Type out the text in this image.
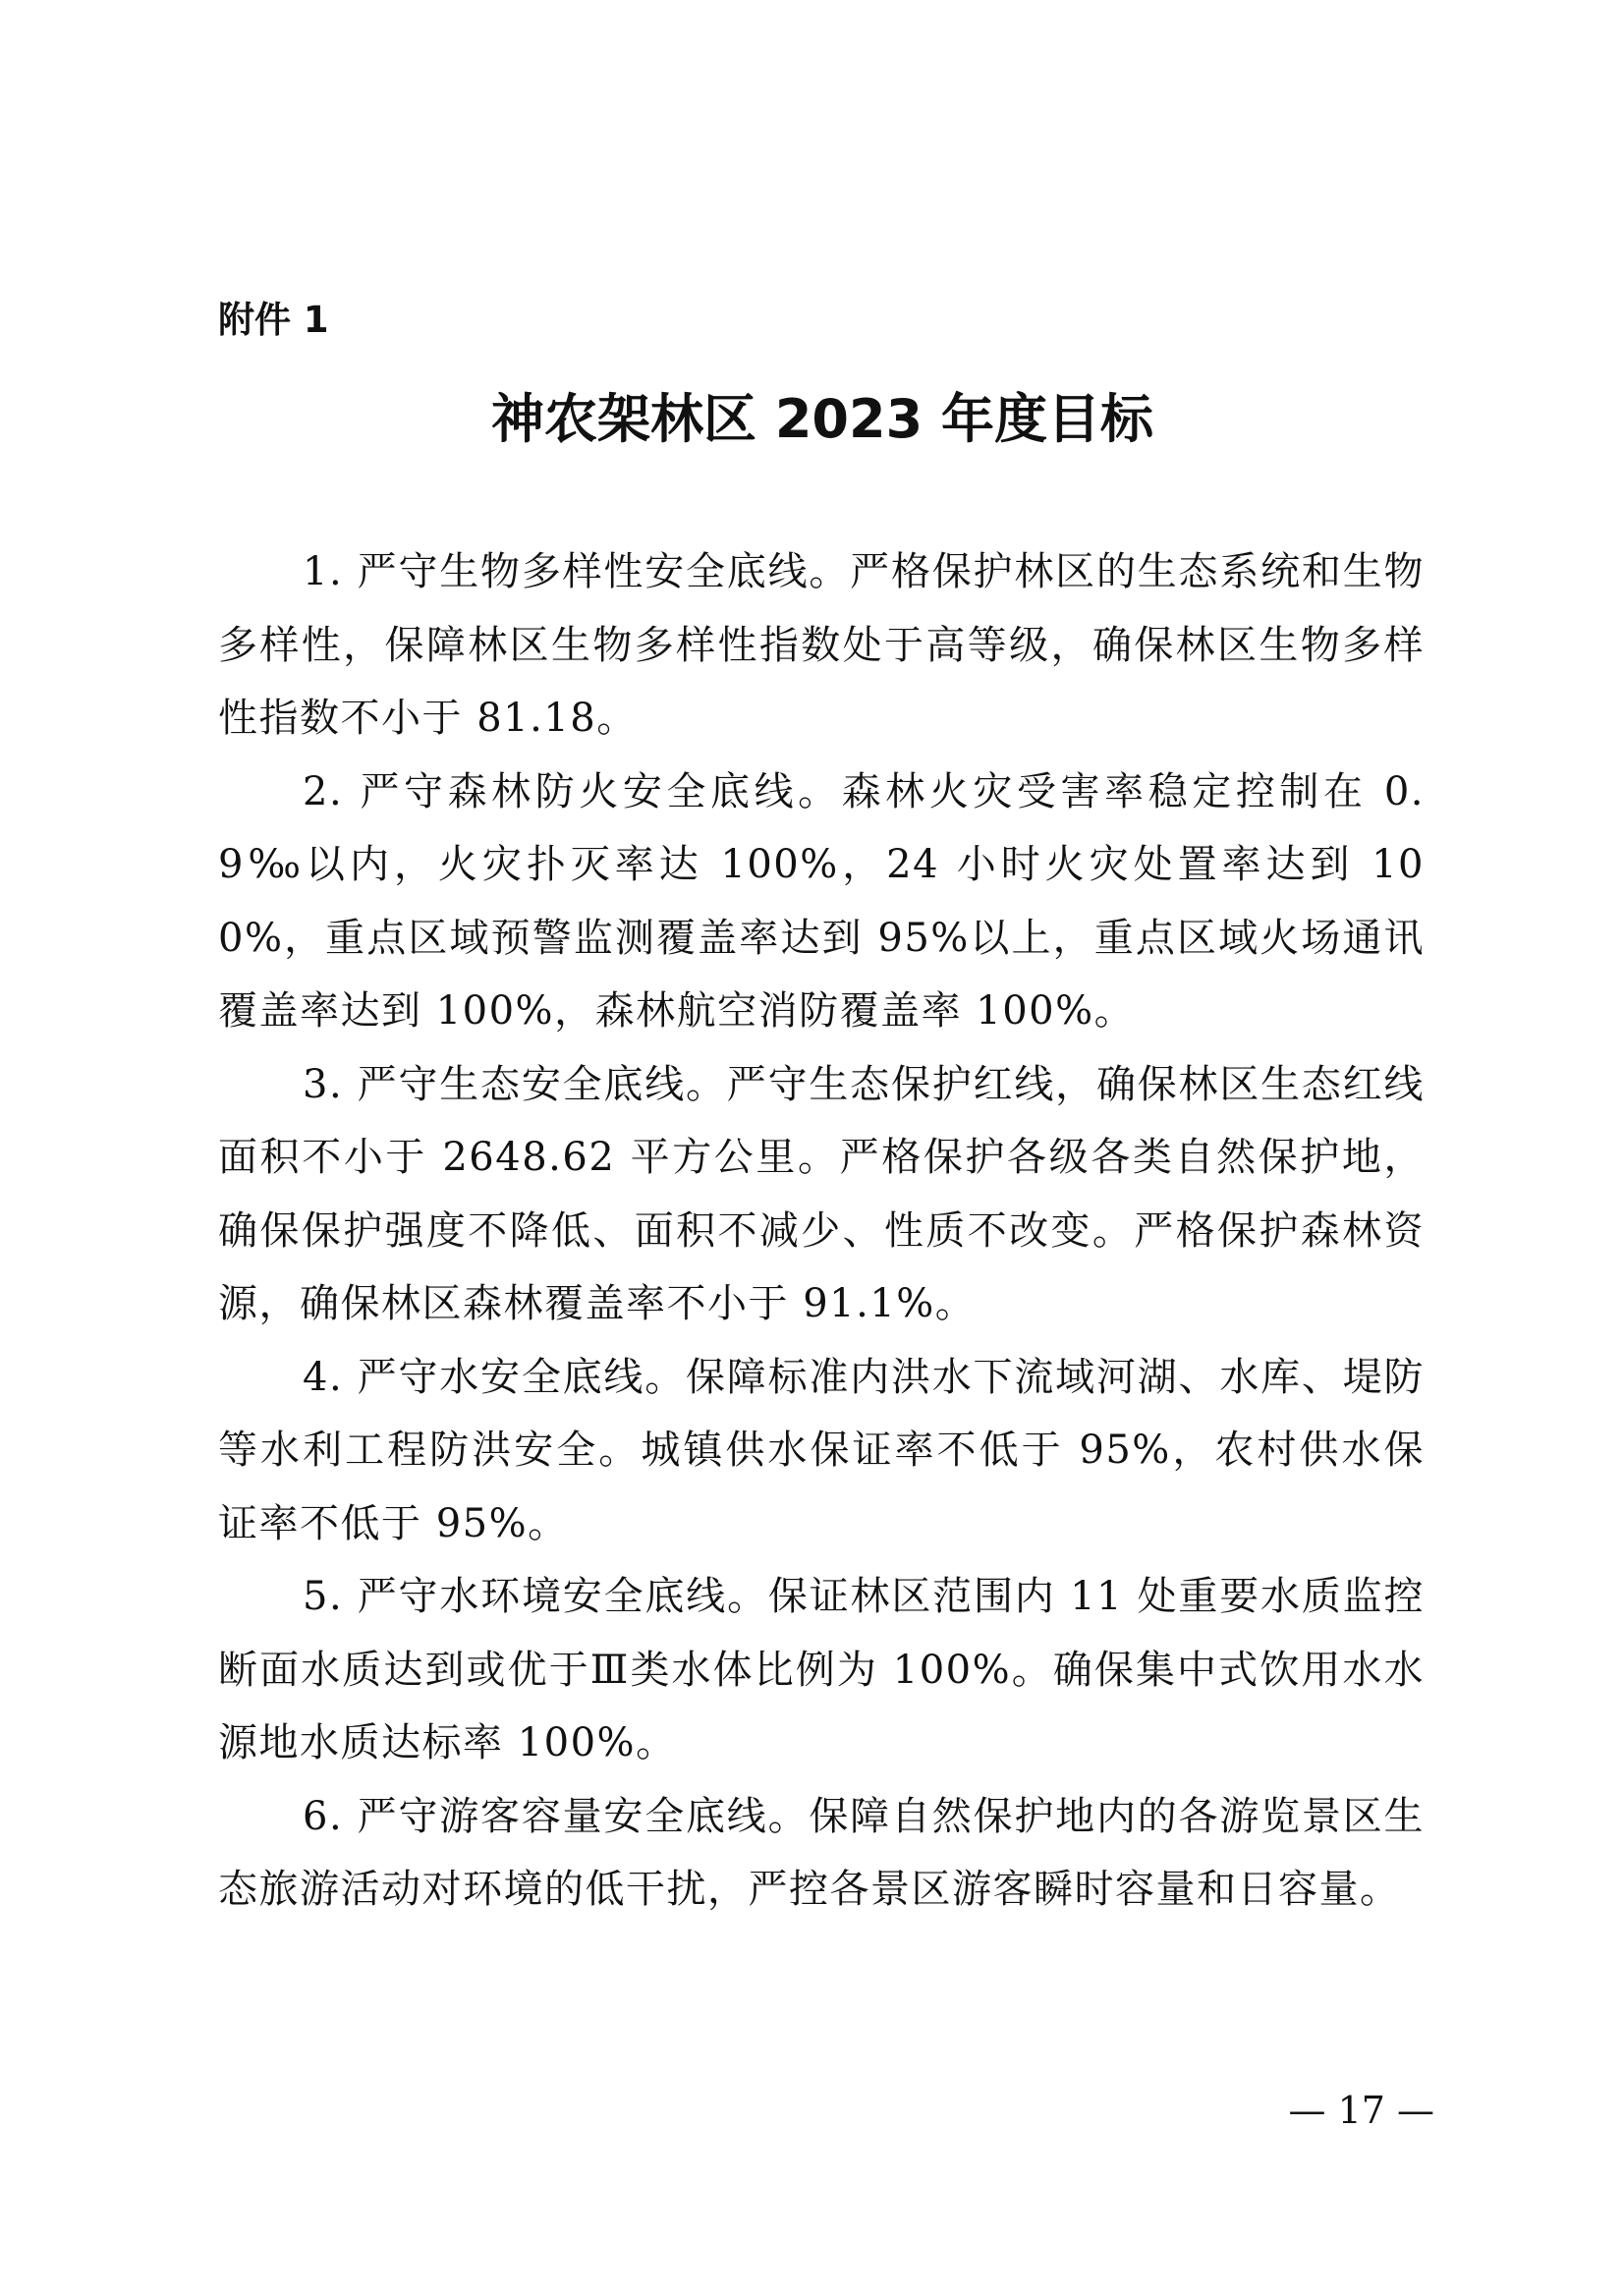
附件 1
神农架林区 2023 年度目标

1. 严守生物多样性安全底线。严格保护林区的生态系统和生物多样性，保障林区生物多样性指数处于高等级，确保林区生物多样性指数不小于 81.18。

2. 严守森林防火安全底线。森林火灾受害率稳定控制在 0.9‰以内，火灾扑灭率达 100%，24 小时火灾处置率达到 100%，重点区域预警监测覆盖率达到 95%以上，重点区域火场通讯覆盖率达到 100%，森林航空消防覆盖率 100%。

3. 严守生态安全底线。严守生态保护红线，确保林区生态红线面积不小于 2648.62 平方公里。严格保护各级各类自然保护地，确保保护强度不降低、面积不减少、性质不改变。严格保护森林资源，确保林区森林覆盖率不小于 91.1%。

4. 严守水安全底线。保障标准内洪水下流域河湖、水库、堤防等水利工程防洪安全。城镇供水保证率不低于 95%，农村供水保证率不低于 95%。

5. 严守水环境安全底线。保证林区范围内 11 处重要水质监控断面水质达到或优于Ⅲ类水体比例为 100%。确保集中式饮用水水源地水质达标率 100%。

6. 严守游客容量安全底线。保障自然保护地内的各游览景区生态旅游活动对环境的低干扰，严控各景区游客瞬时容量和日容量。

— 17 —
